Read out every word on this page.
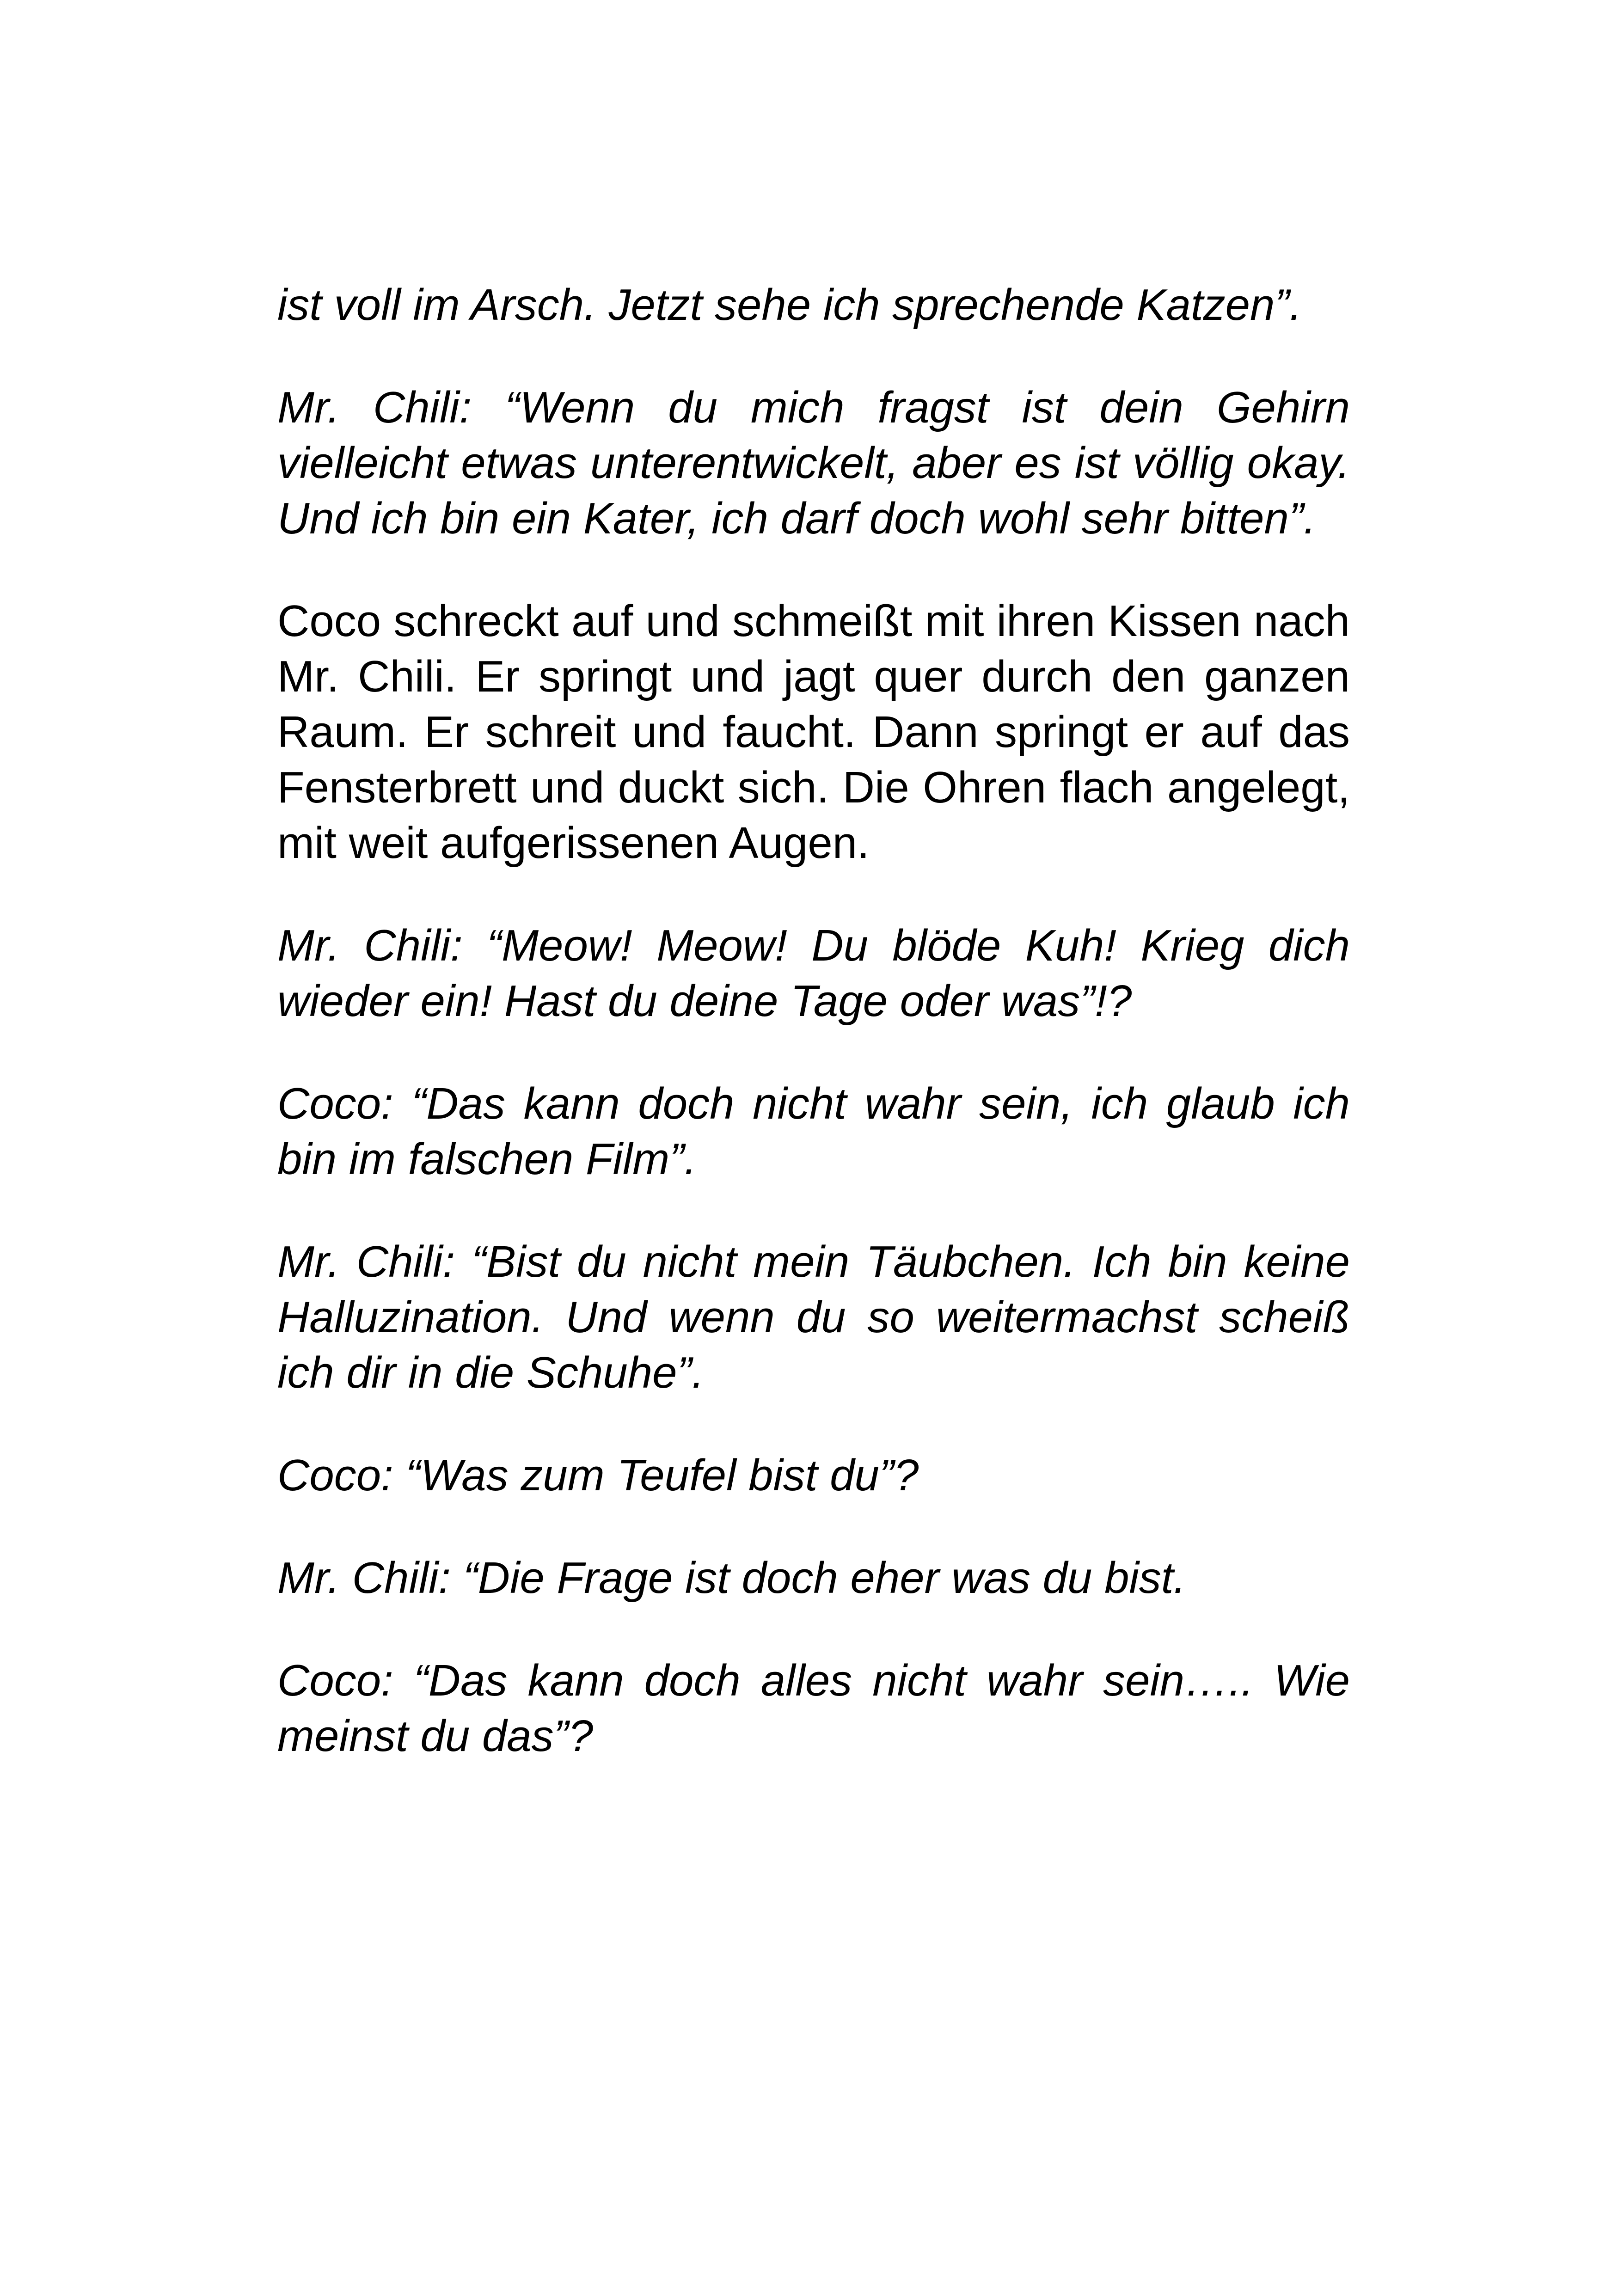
ist voll im Arsch. Jetzt sehe ich sprechende Katzen”.

Mr. Chili: “Wenn du mich fragst ist dein Gehirn vielleicht etwas unterentwickelt, aber es ist völlig okay. Und ich bin ein Kater, ich darf doch wohl sehr bitten”.

Coco schreckt auf und schmeißt mit ihren Kissen nach Mr. Chili. Er springt und jagt quer durch den ganzen Raum. Er schreit und faucht. Dann springt er auf das Fensterbrett und duckt sich. Die Ohren flach angelegt, mit weit aufgerissenen Augen.

Mr. Chili: “Meow! Meow! Du blöde Kuh! Krieg dich wieder ein! Hast du deine Tage oder was”!?

Coco: “Das kann doch nicht wahr sein, ich glaub ich bin im falschen Film”.

Mr. Chili: “Bist du nicht mein Täubchen. Ich bin keine Halluzination. Und wenn du so weitermachst scheiß ich dir in die Schuhe”.

Coco: “Was zum Teufel bist du”?

Mr. Chili: “Die Frage ist doch eher was du bist.

Coco: “Das kann doch alles nicht wahr sein….. Wie meinst du das”?
